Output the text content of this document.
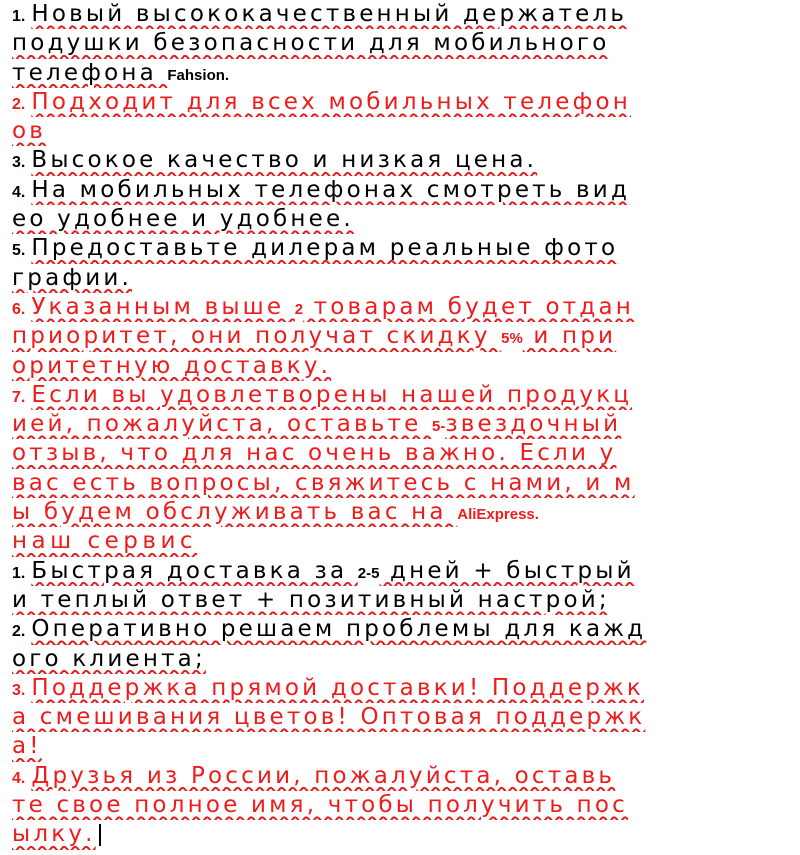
1. Новый высококачественный держатель
подушки безопасности для мобильного
телефона Fahsion.
2. Подходит для всех мобильных телефон
ов
3. Высокое качество и низкая цена.
4. На мобильных телефонах смотреть вид
ео удобнее и удобнее.
5. Предоставьте дилерам реальные фото
графии.
6. Указанным выше 2 товарам будет отдан
приоритет, они получат скидку 5% и при
оритетную доставку.
7. Если вы удовлетворены нашей продукц
ией, пожалуйста, оставьте 5-звездочный
отзыв, что для нас очень важно. Если у
вас есть вопросы, свяжитесь с нами, и м
ы будем обслуживать вас на AliExpress.
наш сервис
1. Быстрая доставка за 2-5 дней + быстрый
и теплый ответ + позитивный настрой;
2. Оперативно решаем проблемы для кажд
ого клиента;
3. Поддержка прямой доставки! Поддержк
а смешивания цветов! Оптовая поддержк
а!
4. Друзья из России, пожалуйста, оставь
те свое полное имя, чтобы получить пос
ылку.
